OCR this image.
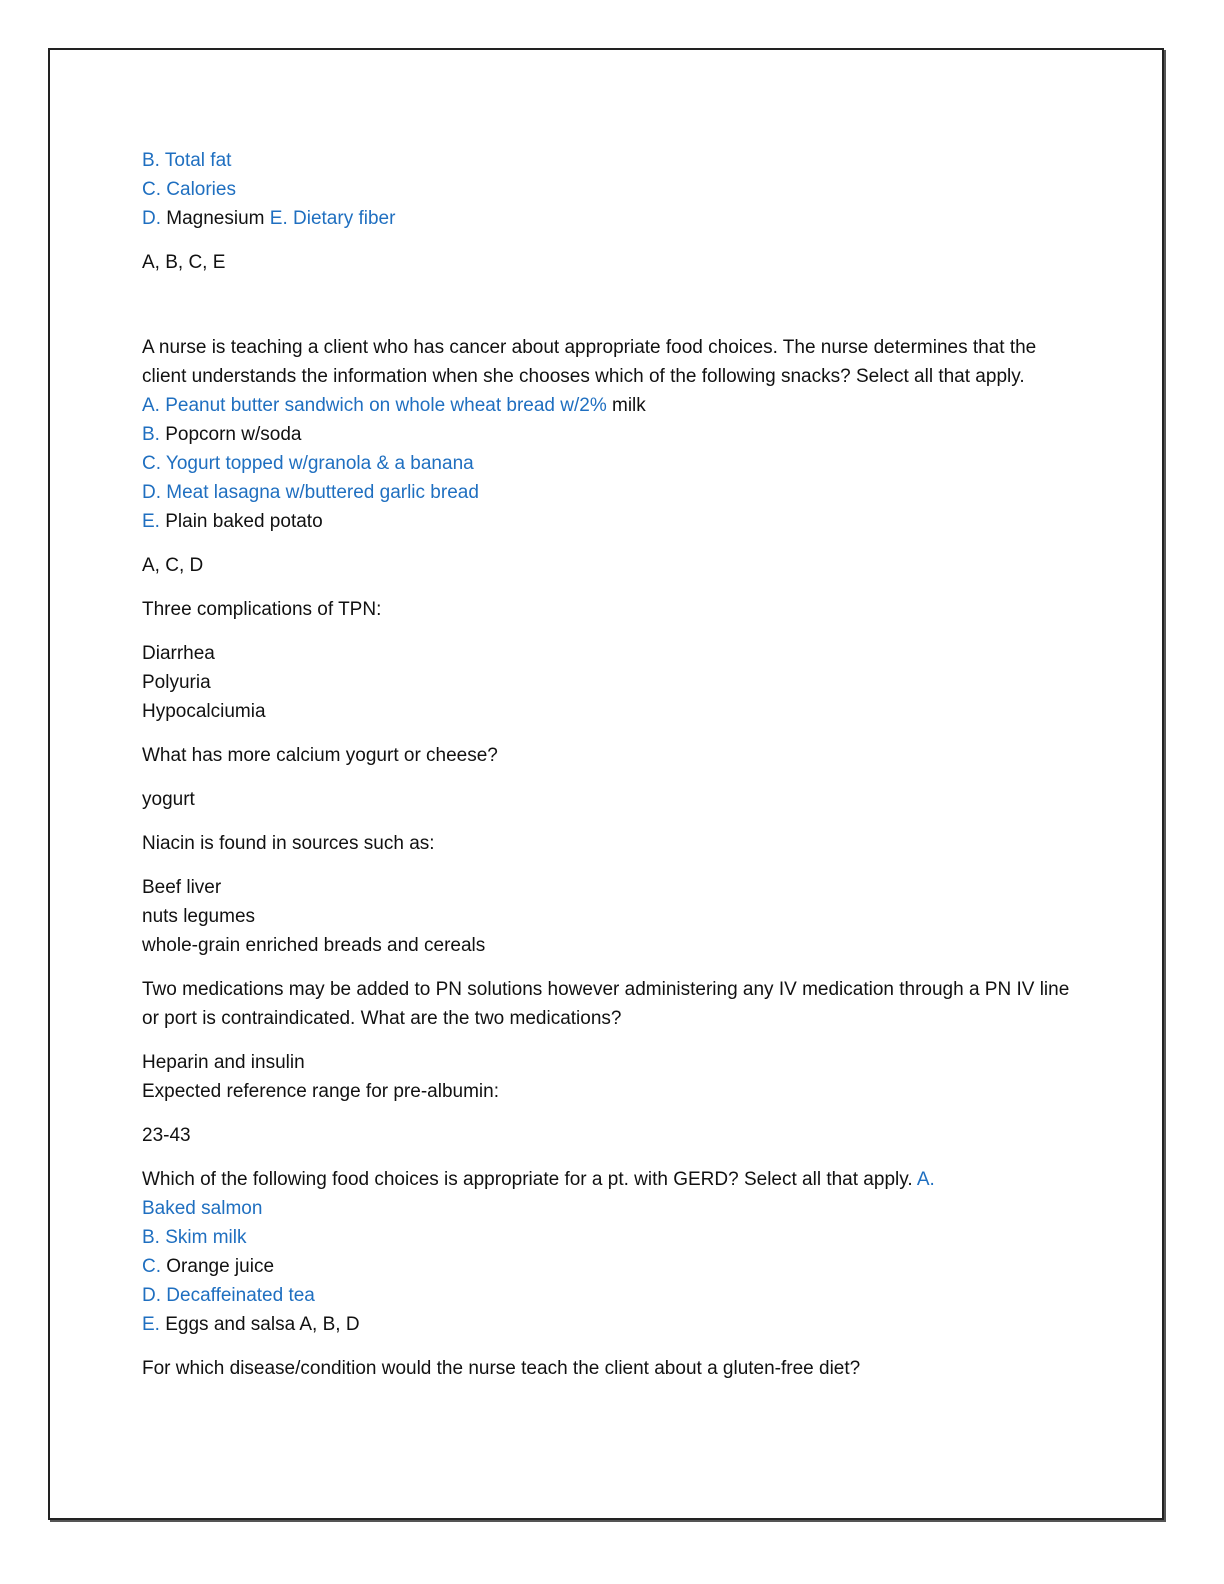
B. Total fat
C. Calories
D. Magnesium E. Dietary fiber
A, B, C, E
A nurse is teaching a client who has cancer about appropriate food choices. The nurse determines that the client understands the information when she chooses which of the following snacks? Select all that apply.
A. Peanut butter sandwich on whole wheat bread w/2% milk
B. Popcorn w/soda
C. Yogurt topped w/granola & a banana
D. Meat lasagna w/buttered garlic bread
E. Plain baked potato
A, C, D
Three complications of TPN:
Diarrhea
Polyuria
Hypocalciumia
What has more calcium yogurt or cheese?
yogurt
Niacin is found in sources such as:
Beef liver
nuts legumes
whole-grain enriched breads and cereals
Two medications may be added to PN solutions however administering any IV medication through a PN IV line or port is contraindicated. What are the two medications?
Heparin and insulin
Expected reference range for pre-albumin:
23-43
Which of the following food choices is appropriate for a pt. with GERD? Select all that apply. A.
Baked salmon
B. Skim milk
C. Orange juice
D. Decaffeinated tea
E. Eggs and salsa A, B, D
For which disease/condition would the nurse teach the client about a gluten-free diet?
